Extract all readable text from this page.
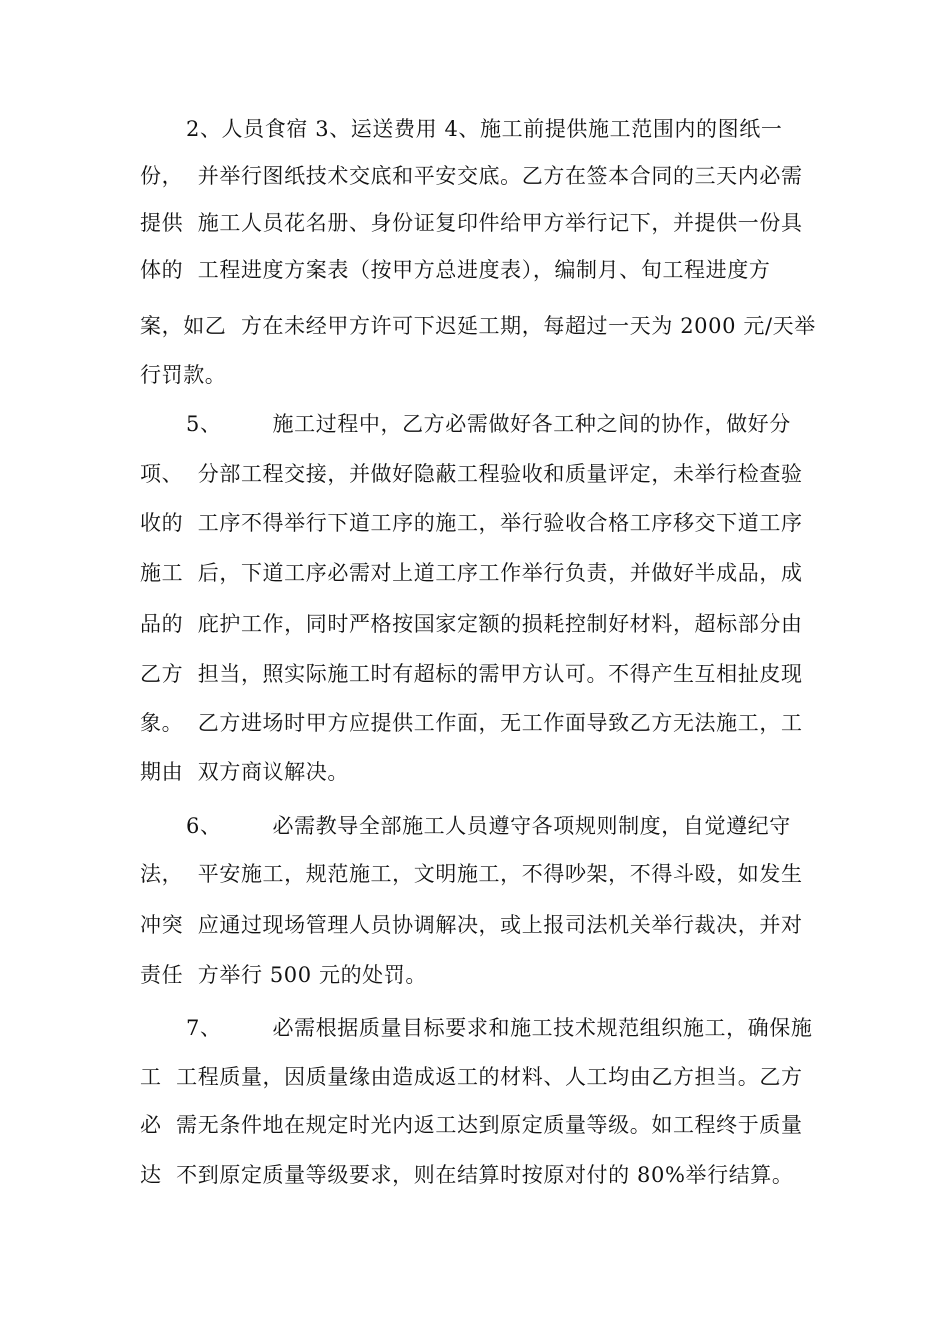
2、人员食宿 3、运送费用 4、施工前提供施工范围内的图纸一
份，  并举行图纸技术交底和平安交底。乙方在签本合同的三天内必需
提供  施工人员花名册、身份证复印件给甲方举行记下，并提供一份具
体的  工程进度方案表（按甲方总进度表），编制月、旬工程进度方
案，如乙  方在未经甲方许可下迟延工期，每超过一天为 2000 元/天举
行罚款。
5、       施工过程中，乙方必需做好各工种之间的协作，做好分
项、  分部工程交接，并做好隐蔽工程验收和质量评定，未举行检查验
收的  工序不得举行下道工序的施工，举行验收合格工序移交下道工序
施工  后，下道工序必需对上道工序工作举行负责，并做好半成品，成
品的  庇护工作，同时严格按国家定额的损耗控制好材料，超标部分由
乙方  担当，照实际施工时有超标的需甲方认可。不得产生互相扯皮现
象。  乙方进场时甲方应提供工作面，无工作面导致乙方无法施工，工
期由  双方商议解决。
6、       必需教导全部施工人员遵守各项规则制度，自觉遵纪守
法，  平安施工，规范施工，文明施工，不得吵架，不得斗殴，如发生
冲突  应通过现场管理人员协调解决，或上报司法机关举行裁决，并对
责任  方举行 500 元的处罚。
7、       必需根据质量目标要求和施工技术规范组织施工，确保施
工  工程质量，因质量缘由造成返工的材料、人工均由乙方担当。乙方
必  需无条件地在规定时光内返工达到原定质量等级。如工程终于质量
达  不到原定质量等级要求，则在结算时按原对付的 80%举行结算。
